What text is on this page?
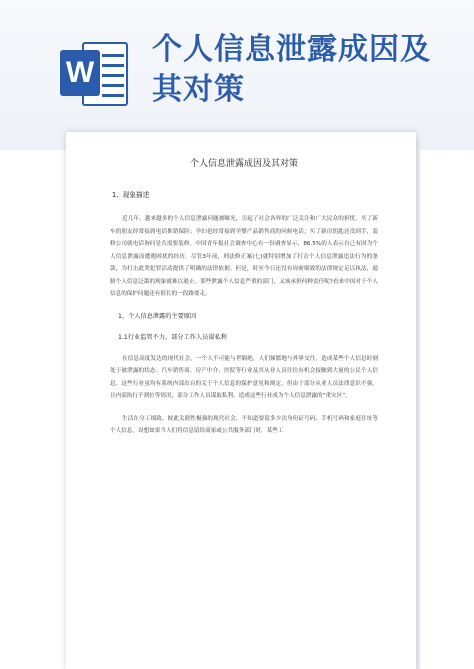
W
个人信息泄露成因及其对策

个人信息泄露成因及其对策
1、现象描述

近几年，越来越多的个人信息泄露问题被曝光，引起了社会各界的广泛关注和广大民众的担忧。买了新车的朋友经常接到电话推销保险；孕妇也经常接到孕婴产品销售商的问候电话；买了新房钥匙还没到手，装修公司就电话询问是否需要装修。中国青年报社会调查中心有一份调查显示，86.5%的人表示自己有因为个人信息泄露而遭遇困扰的经历。尽管3年前，刑法修正案(七)就特别增加了打击个人信息泄露违法行为的条款，为打击此类犯罪活动提供了明确的法律依据。但是，时至今日还没有周密细致的法律规定足以执法，遏制个人信息泛滥的现象就难以遏止。那些泄露个人信息严重的部门，又该承担何种责任呢?看来中国对于个人信息的保护问题还有很长的一段路要走。

1、个人信息泄露的主要原因
1.1行业监管不力，部分工作人员谋私利

在信息高度发达的现代社会，一个人不可能与世隔绝，人们频繁地与外界交往，造成某些个人信息时刻处于被泄露的状态。汽车销售商、房产中介、医院等行业及其从业人员往往有机会接触到大量的公民个人信息。这些行业虽均有系统内部出台的关于个人信息的保护意见和规定，但由于部分从业人员法律意识不强，且内部执行不到位等情况，部分工作人员谋取私利，造成这些行业成为个人信息泄露的“重灾区”。

生活在分工细致、彼此关联性极强的现代社会，不知道要留多少次身份证号码、手机号码和家庭住址等个人信息。设想如果当人们将信息留给商家或公共服务部门时，某些工
